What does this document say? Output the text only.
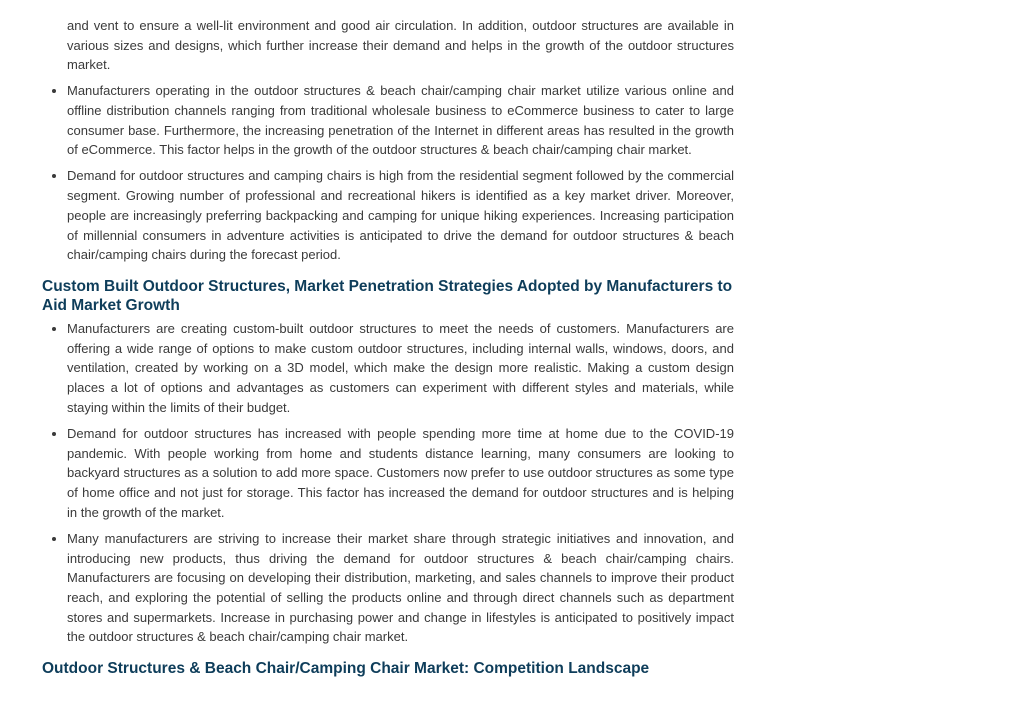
and vent to ensure a well-lit environment and good air circulation. In addition, outdoor structures are available in various sizes and designs, which further increase their demand and helps in the growth of the outdoor structures market.

• Manufacturers operating in the outdoor structures & beach chair/camping chair market utilize various online and offline distribution channels ranging from traditional wholesale business to eCommerce business to cater to large consumer base. Furthermore, the increasing penetration of the Internet in different areas has resulted in the growth of eCommerce. This factor helps in the growth of the outdoor structures & beach chair/camping chair market.
• Demand for outdoor structures and camping chairs is high from the residential segment followed by the commercial segment. Growing number of professional and recreational hikers is identified as a key market driver. Moreover, people are increasingly preferring backpacking and camping for unique hiking experiences. Increasing participation of millennial consumers in adventure activities is anticipated to drive the demand for outdoor structures & beach chair/camping chairs during the forecast period.
Custom Built Outdoor Structures, Market Penetration Strategies Adopted by Manufacturers to Aid Market Growth
• Manufacturers are creating custom-built outdoor structures to meet the needs of customers. Manufacturers are offering a wide range of options to make custom outdoor structures, including internal walls, windows, doors, and ventilation, created by working on a 3D model, which make the design more realistic. Making a custom design places a lot of options and advantages as customers can experiment with different styles and materials, while staying within the limits of their budget.
• Demand for outdoor structures has increased with people spending more time at home due to the COVID-19 pandemic. With people working from home and students distance learning, many consumers are looking to backyard structures as a solution to add more space. Customers now prefer to use outdoor structures as some type of home office and not just for storage. This factor has increased the demand for outdoor structures and is helping in the growth of the market.
• Many manufacturers are striving to increase their market share through strategic initiatives and innovation, and introducing new products, thus driving the demand for outdoor structures & beach chair/camping chairs. Manufacturers are focusing on developing their distribution, marketing, and sales channels to improve their product reach, and exploring the potential of selling the products online and through direct channels such as department stores and supermarkets. Increase in purchasing power and change in lifestyles is anticipated to positively impact the outdoor structures & beach chair/camping chair market.
Outdoor Structures & Beach Chair/Camping Chair Market: Competition Landscape
